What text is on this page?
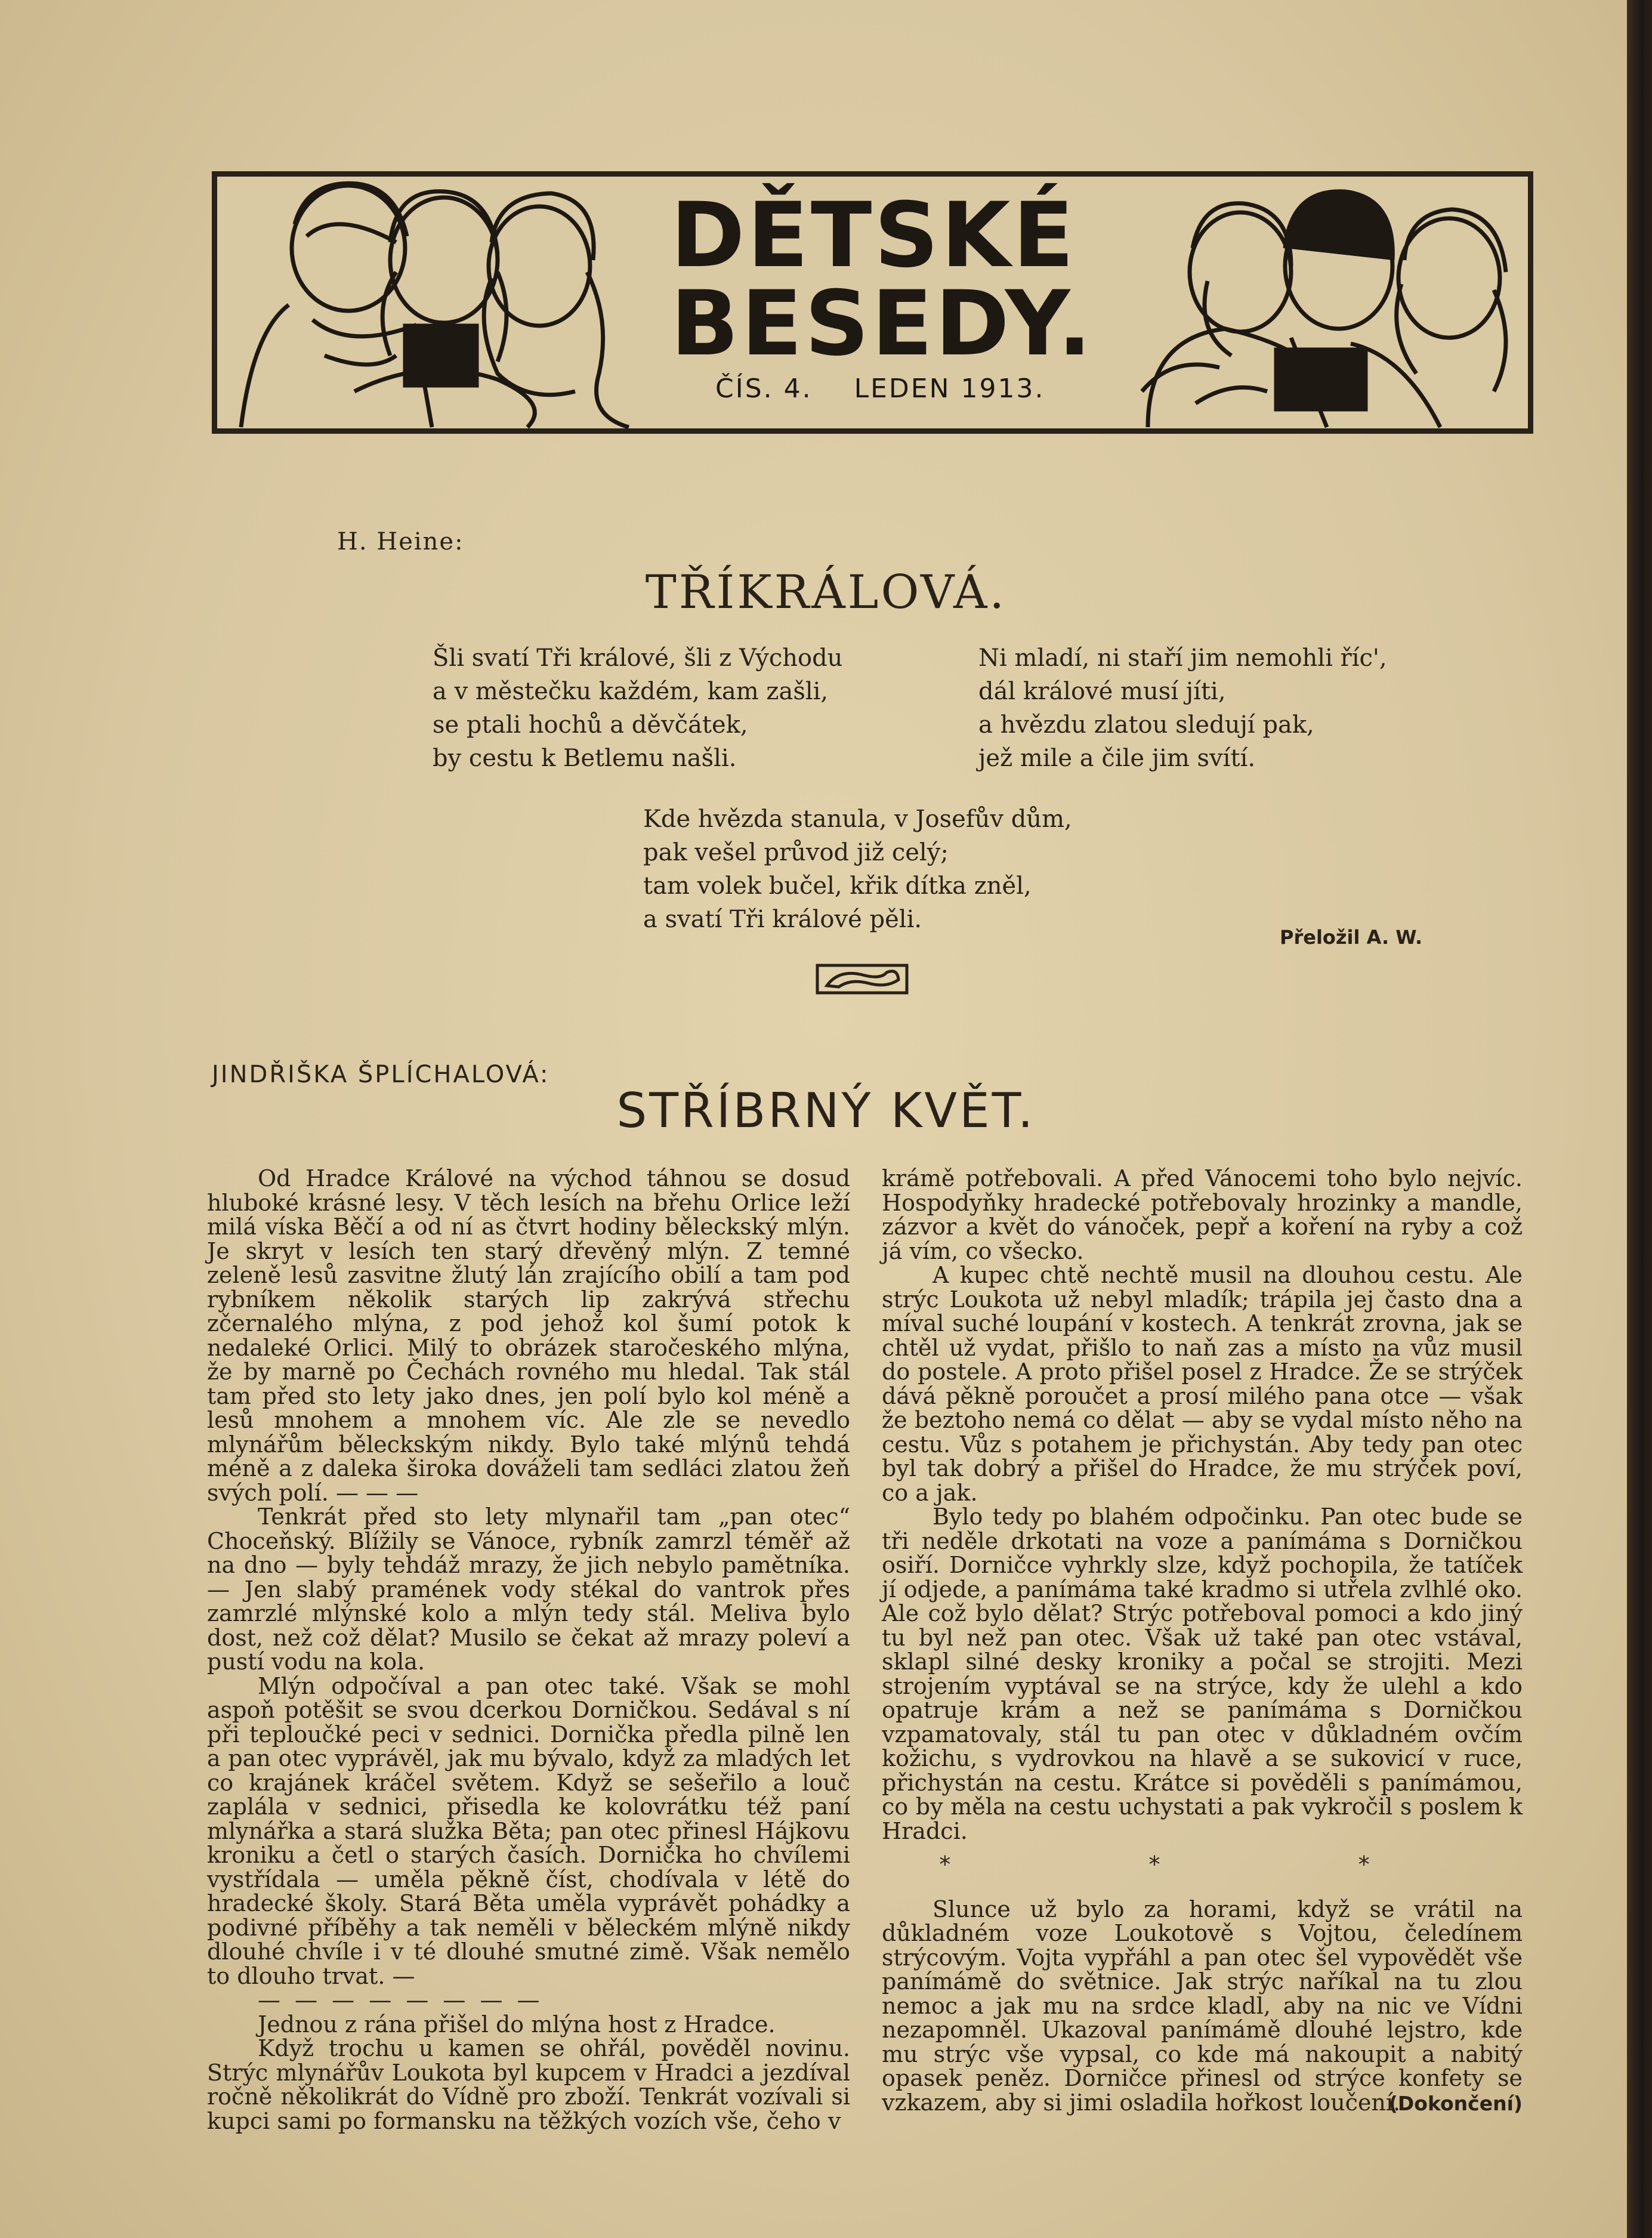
DĚTSKÉ
BESEDY.
ČÍS. 4. LEDEN 1913.
H. Heine:
TŘÍKRÁLOVÁ.
Šli svatí Tři králové, šli z Východu
a v městečku každém, kam zašli,
se ptali hochů a děvčátek,
by cestu k Betlemu našli.
Ni mladí, ni staří jim nemohli říc',
dál králové musí jíti,
a hvězdu zlatou sledují pak,
jež mile a čile jim svítí.
Kde hvězda stanula, v Josefův dům,
pak vešel průvod již celý;
tam volek bučel, křik dítka zněl,
a svatí Tři králové pěli.
Přeložil A. W.
JINDŘIŠKA ŠPLÍCHALOVÁ:
STŘÍBRNÝ KVĚT.

Od Hradce Králové na východ táhnou se dosud hluboké krásné lesy. V těch lesích na břehu Orlice leží milá víska Běčí a od ní as čtvrt hodiny běleckský mlýn. Je skryt v lesích ten starý dřevěný mlýn. Z temné zeleně lesů zasvitne žlutý lán zrajícího obilí a tam pod rybníkem několik starých lip zakrývá střechu zčernalého mlýna, z pod jehož kol šumí potok k nedaleké Orlici. Milý to obrázek staročeského mlýna, že by marně po Čechách rovného mu hledal. Tak stál tam před sto lety jako dnes, jen polí bylo kol méně a lesů mnohem a mnohem víc. Ale zle se nevedlo mlynářům běleckským nikdy. Bylo také mlýnů tehdá méně a z daleka široka dováželi tam sedláci zlatou žeň svých polí. — — —

Tenkrát před sto lety mlynařil tam „pan otec“ Choceňský. Blížily se Vánoce, rybník zamrzl téměř až na dno — byly tehdáž mrazy, že jich nebylo pamětníka. — Jen slabý pramének vody stékal do vantrok přes zamrzlé mlýnské kolo a mlýn tedy stál. Meliva bylo dost, než což dělat? Musilo se čekat až mrazy poleví a pustí vodu na kola.

Mlýn odpočíval a pan otec také. Však se mohl aspoň potěšit se svou dcerkou Dorničkou. Sedával s ní při teploučké peci v sednici. Dornička předla pilně len a pan otec vyprávěl, jak mu bývalo, když za mladých let co krajánek kráčel světem. Když se sešeřilo a louč zaplála v sednici, přisedla ke kolovrátku též paní mlynářka a stará služka Běta; pan otec přinesl Hájkovu kroniku a četl o starých časích. Dornička ho chvílemi vystřídala — uměla pěkně číst, chodívala v létě do hradecké školy. Stará Běta uměla vyprávět pohádky a podivné příběhy a tak neměli v běleckém mlýně nikdy dlouhé chvíle i v té dlouhé smutné zimě. Však nemělo to dlouho trvat. —

— — — — — — — —

Jednou z rána přišel do mlýna host z Hradce.

Když trochu u kamen se ohřál, pověděl novinu. Strýc mlynářův Loukota byl kupcem v Hradci a jezdíval ročně několikrát do Vídně pro zboží. Tenkrát vozívali si kupci sami po formansku na těžkých vozích vše, čeho v

krámě potřebovali. A před Vánocemi toho bylo nejvíc. Hospodyňky hradecké potřebovaly hrozinky a mandle, zázvor a květ do vánoček, pepř a koření na ryby a což já vím, co všecko.

A kupec chtě nechtě musil na dlouhou cestu. Ale strýc Loukota už nebyl mladík; trápila jej často dna a míval suché loupání v kostech. A tenkrát zrovna, jak se chtěl už vydat, přišlo to naň zas a místo na vůz musil do postele. A proto přišel posel z Hradce. Že se strýček dává pěkně poroučet a prosí milého pana otce — však že beztoho nemá co dělat — aby se vydal místo něho na cestu. Vůz s potahem je přichystán. Aby tedy pan otec byl tak dobrý a přišel do Hradce, že mu strýček poví, co a jak.

Bylo tedy po blahém odpočinku. Pan otec bude se tři neděle drkotati na voze a panímáma s Dorničkou osiří. Dorničce vyhrkly slze, když pochopila, že tatíček jí odjede, a panímáma také kradmo si utřela zvlhlé oko. Ale což bylo dělat? Strýc potřeboval pomoci a kdo jiný tu byl než pan otec. Však už také pan otec vstával, sklapl silné desky kroniky a počal se strojiti. Mezi strojením vyptával se na strýce, kdy že ulehl a kdo opatruje krám a než se panímáma s Dorničkou vzpamatovaly, stál tu pan otec v důkladném ovčím kožichu, s vydrovkou na hlavě a se sukovicí v ruce, přichystán na cestu. Krátce si pověděli s panímámou, co by měla na cestu uchystati a pak vykročil s poslem k Hradci.

* * *

Slunce už bylo za horami, když se vrátil na důkladném voze Loukotově s Vojtou, čeledínem strýcovým. Vojta vypřáhl a pan otec šel vypovědět vše panímámě do světnice. Jak strýc naříkal na tu zlou nemoc a jak mu na srdce kladl, aby na nic ve Vídni nezapomněl. Ukazoval panímámě dlouhé lejstro, kde mu strýc vše vypsal, co kde má nakoupit a nabitý opasek peněz. Dorničce přinesl od strýce konfety se vzkazem, aby si jimi osladila hořkost loučení.

(Dokončení)
